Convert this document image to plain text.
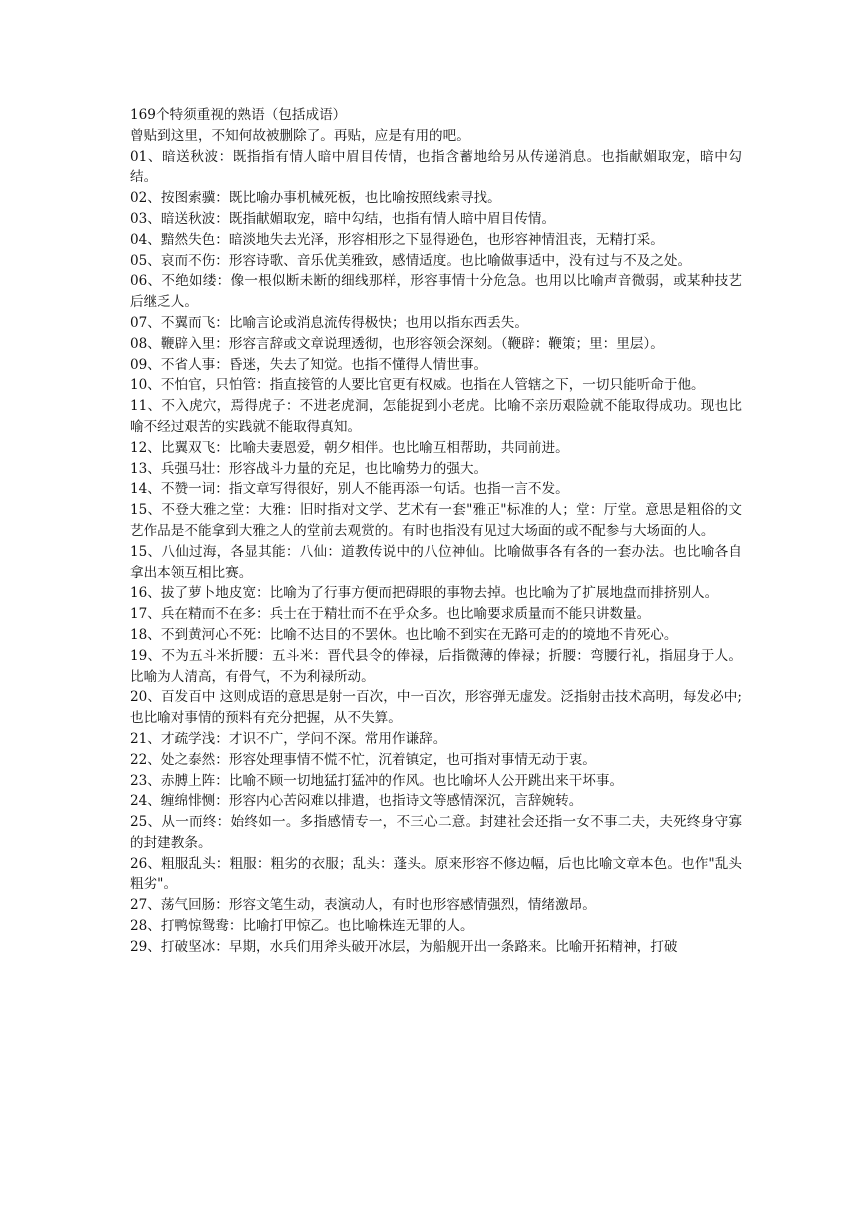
169个特须重视的熟语（包括成语）
曾贴到这里，不知何故被删除了。再贴，应是有用的吧。
01、暗送秋波：既指指有情人暗中眉目传情，也指含蓄地给另从传递消息。也指献媚取宠，暗中勾结。
02、按图索骥：既比喻办事机械死板，也比喻按照线索寻找。
03、暗送秋波：既指献媚取宠，暗中勾结，也指有情人暗中眉目传情。
04、黯然失色：暗淡地失去光泽，形容相形之下显得逊色，也形容神情沮丧，无精打采。
05、哀而不伤：形容诗歌、音乐优美雅致，感情适度。也比喻做事适中，没有过与不及之处。
06、不绝如缕：像一根似断未断的细线那样，形容事情十分危急。也用以比喻声音微弱，或某种技艺后继乏人。
07、不翼而飞：比喻言论或消息流传得极快；也用以指东西丢失。
08、鞭辟入里：形容言辞或文章说理透彻，也形容领会深刻。（鞭辟：鞭策；里：里层）。
09、不省人事：昏迷，失去了知觉。也指不懂得人情世事。
10、不怕官，只怕管：指直接管的人要比官更有权威。也指在人管辖之下，一切只能听命于他。
11、不入虎穴，焉得虎子：不进老虎洞，怎能捉到小老虎。比喻不亲历艰险就不能取得成功。现也比喻不经过艰苦的实践就不能取得真知。
12、比翼双飞：比喻夫妻恩爱，朝夕相伴。也比喻互相帮助，共同前进。
13、兵强马壮：形容战斗力量的充足，也比喻势力的强大。
14、不赞一词：指文章写得很好，别人不能再添一句话。也指一言不发。
15、不登大雅之堂：大雅：旧时指对文学、艺术有一套"雅正"标准的人；堂：厅堂。意思是粗俗的文艺作品是不能拿到大雅之人的堂前去观赏的。有时也指没有见过大场面的或不配参与大场面的人。
15、八仙过海，各显其能：八仙：道教传说中的八位神仙。比喻做事各有各的一套办法。也比喻各自拿出本领互相比赛。
16、拔了萝卜地皮宽：比喻为了行事方便而把碍眼的事物去掉。也比喻为了扩展地盘而排挤别人。
17、兵在精而不在多：兵士在于精壮而不在乎众多。也比喻要求质量而不能只讲数量。
18、不到黄河心不死：比喻不达目的不罢休。也比喻不到实在无路可走的的境地不肯死心。
19、不为五斗米折腰：五斗米：晋代县令的俸禄，后指微薄的俸禄；折腰：弯腰行礼，指屈身于人。比喻为人清高，有骨气，不为利禄所动。
20、百发百中 这则成语的意思是射一百次，中一百次，形容弹无虚发。泛指射击技术高明，每发必中;也比喻对事情的预料有充分把握，从不失算。
21、才疏学浅：才识不广，学问不深。常用作谦辞。
22、处之泰然：形容处理事情不慌不忙，沉着镇定，也可指对事情无动于衷。
23、赤膊上阵：比喻不顾一切地猛打猛冲的作风。也比喻坏人公开跳出来干坏事。
24、缠绵悱恻：形容内心苦闷难以排遣，也指诗文等感情深沉，言辞婉转。
25、从一而终：始终如一。多指感情专一，不三心二意。封建社会还指一女不事二夫，夫死终身守寡的封建教条。
26、粗服乱头：粗服：粗劣的衣服；乱头：蓬头。原来形容不修边幅，后也比喻文章本色。也作"乱头粗劣"。
27、荡气回肠：形容文笔生动，表演动人，有时也形容感情强烈，情绪激昂。
28、打鸭惊鸳鸯：比喻打甲惊乙。也比喻株连无罪的人。
29、打破坚冰：早期，水兵们用斧头破开冰层，为船舰开出一条路来。比喻开拓精神，打破
